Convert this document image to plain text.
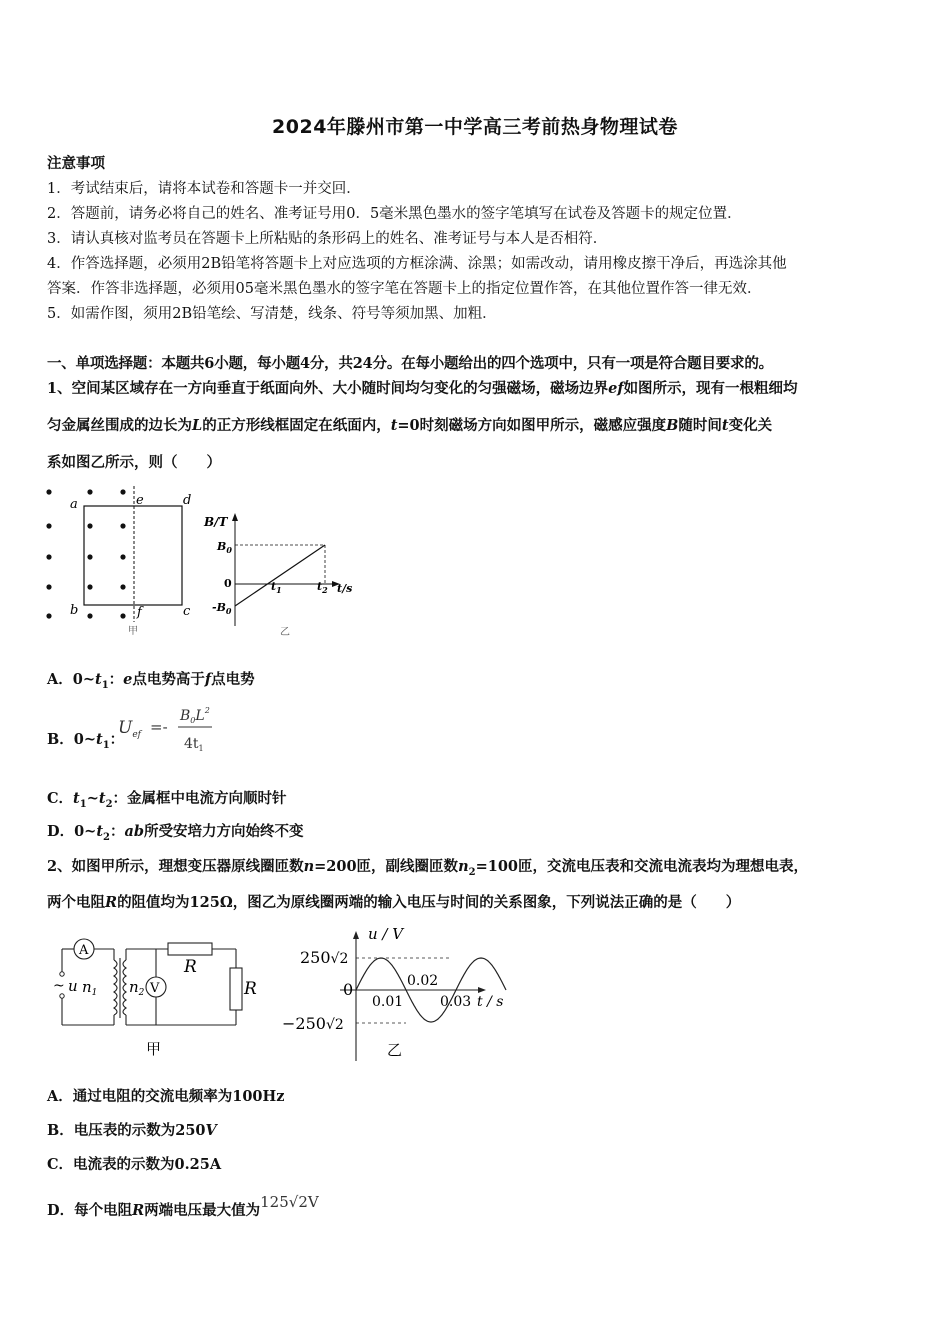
2024年滕州市第一中学高三考前热身物理试卷
注意事项
1．考试结束后，请将本试卷和答题卡一并交回．
2．答题前，请务必将自己的姓名、准考证号用0．5毫米黑色墨水的签字笔填写在试卷及答题卡的规定位置．
3．请认真核对监考员在答题卡上所粘贴的条形码上的姓名、准考证号与本人是否相符．
4．作答选择题，必须用2B铅笔将答题卡上对应选项的方框涂满、涂黑；如需改动，请用橡皮擦干净后，再选涂其他
答案．作答非选择题，必须用05毫米黑色墨水的签字笔在答题卡上的指定位置作答，在其他位置作答一律无效．
5．如需作图，须用2B铅笔绘、写清楚，线条、符号等须加黑、加粗．
一、单项选择题：本题共6小题，每小题4分，共24分。在每小题给出的四个选项中，只有一项是符合题目要求的。
1、空间某区域存在一方向垂直于纸面向外、大小随时间均匀变化的匀强磁场，磁场边界ef如图所示，现有一根粗细均
匀金属丝围成的边长为L的正方形线框固定在纸面内，t=0时刻磁场方向如图甲所示，磁感应强度B随时间t变化关
系如图乙所示，则（　　）
a
b	c
d
e
f
甲
B/T
$B_0$
$-B_0$
0	$t_1$	$t_2$ t/s
乙
A．$0\sim t_1$：e点电势高于f点电势
B．$0\sim t_1$：
$U_{ef}$ =-
$B_0L^2$
$4t_1$
C．$t_1\sim t_2$：金属框中电流方向顺时针
D．$0\sim t_2$：ab所受安培力方向始终不变
2、如图甲所示，理想变压器原线圈匝数n=200匝，副线圈匝数$n_2=100$匝，交流电压表和交流电流表均为理想电表，
两个电阻R的阻值均为125Ω，图乙为原线圈两端的输入电压与时间的关系图象，下列说法正确的是（　　）
A
V
~ u $n_1$ $n_2$
R
R
甲
u / V
250√2
0
0.01
0.02
0.03 t / s
−250√2
乙
A．通过电阻的交流电频率为100Hz
B．电压表的示数为250V
C．电流表的示数为0.25A
D．每个电阻R两端电压最大值为125√2V
